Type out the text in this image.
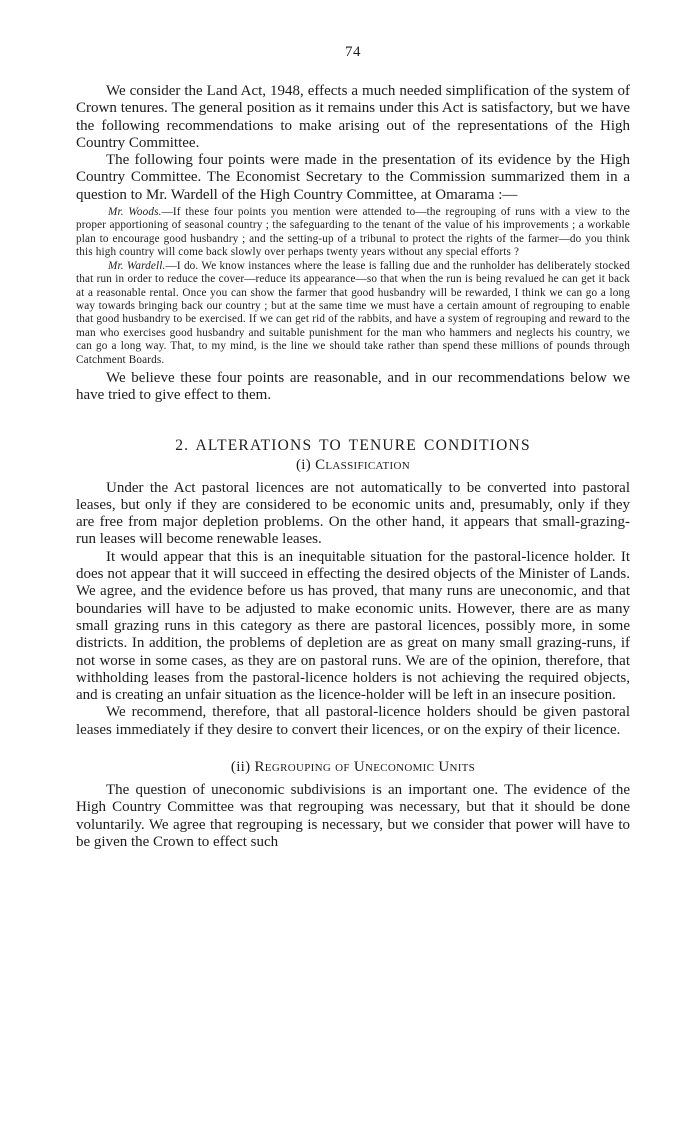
74

We consider the Land Act, 1948, effects a much needed simplification of the system of Crown tenures. The general position as it remains under this Act is satisfactory, but we have the following recommendations to make arising out of the representations of the High Country Committee.

The following four points were made in the presentation of its evidence by the High Country Committee. The Economist Secretary to the Commission summarized them in a question to Mr. Wardell of the High Country Committee, at Omarama :—

Mr. Woods.—If these four points you mention were attended to—the regrouping of runs with a view to the proper apportioning of seasonal country ; the safeguarding to the tenant of the value of his improvements ; a workable plan to encourage good husbandry ; and the setting-up of a tribunal to protect the rights of the farmer—do you think this high country will come back slowly over perhaps twenty years without any special efforts ?

Mr. Wardell.—I do. We know instances where the lease is falling due and the runholder has deliberately stocked that run in order to reduce the cover—reduce its appearance—so that when the run is being revalued he can get it back at a reasonable rental. Once you can show the farmer that good husbandry will be rewarded, I think we can go a long way towards bringing back our country ; but at the same time we must have a certain amount of regrouping to enable that good husbandry to be exercised. If we can get rid of the rabbits, and have a system of regrouping and reward to the man who exercises good husbandry and suitable punishment for the man who hammers and neglects his country, we can go a long way. That, to my mind, is the line we should take rather than spend these millions of pounds through Catchment Boards.

We believe these four points are reasonable, and in our recommendations below we have tried to give effect to them.

2. ALTERATIONS TO TENURE CONDITIONS
(i) Classification

Under the Act pastoral licences are not automatically to be converted into pastoral leases, but only if they are considered to be economic units and, presumably, only if they are free from major depletion problems. On the other hand, it appears that small-grazing-run leases will become renewable leases.

It would appear that this is an inequitable situation for the pastoral-licence holder. It does not appear that it will succeed in effecting the desired objects of the Minister of Lands. We agree, and the evidence before us has proved, that many runs are uneconomic, and that boundaries will have to be adjusted to make economic units. However, there are as many small grazing runs in this category as there are pastoral licences, possibly more, in some districts. In addition, the problems of depletion are as great on many small grazing-runs, if not worse in some cases, as they are on pastoral runs. We are of the opinion, therefore, that withholding leases from the pastoral-licence holders is not achieving the required objects, and is creating an unfair situation as the licence-holder will be left in an insecure position.

We recommend, therefore, that all pastoral-licence holders should be given pastoral leases immediately if they desire to convert their licences, or on the expiry of their licence.

(ii) Regrouping of Uneconomic Units

The question of uneconomic subdivisions is an important one. The evidence of the High Country Committee was that regrouping was necessary, but that it should be done voluntarily. We agree that regrouping is necessary, but we consider that power will have to be given the Crown to effect such
